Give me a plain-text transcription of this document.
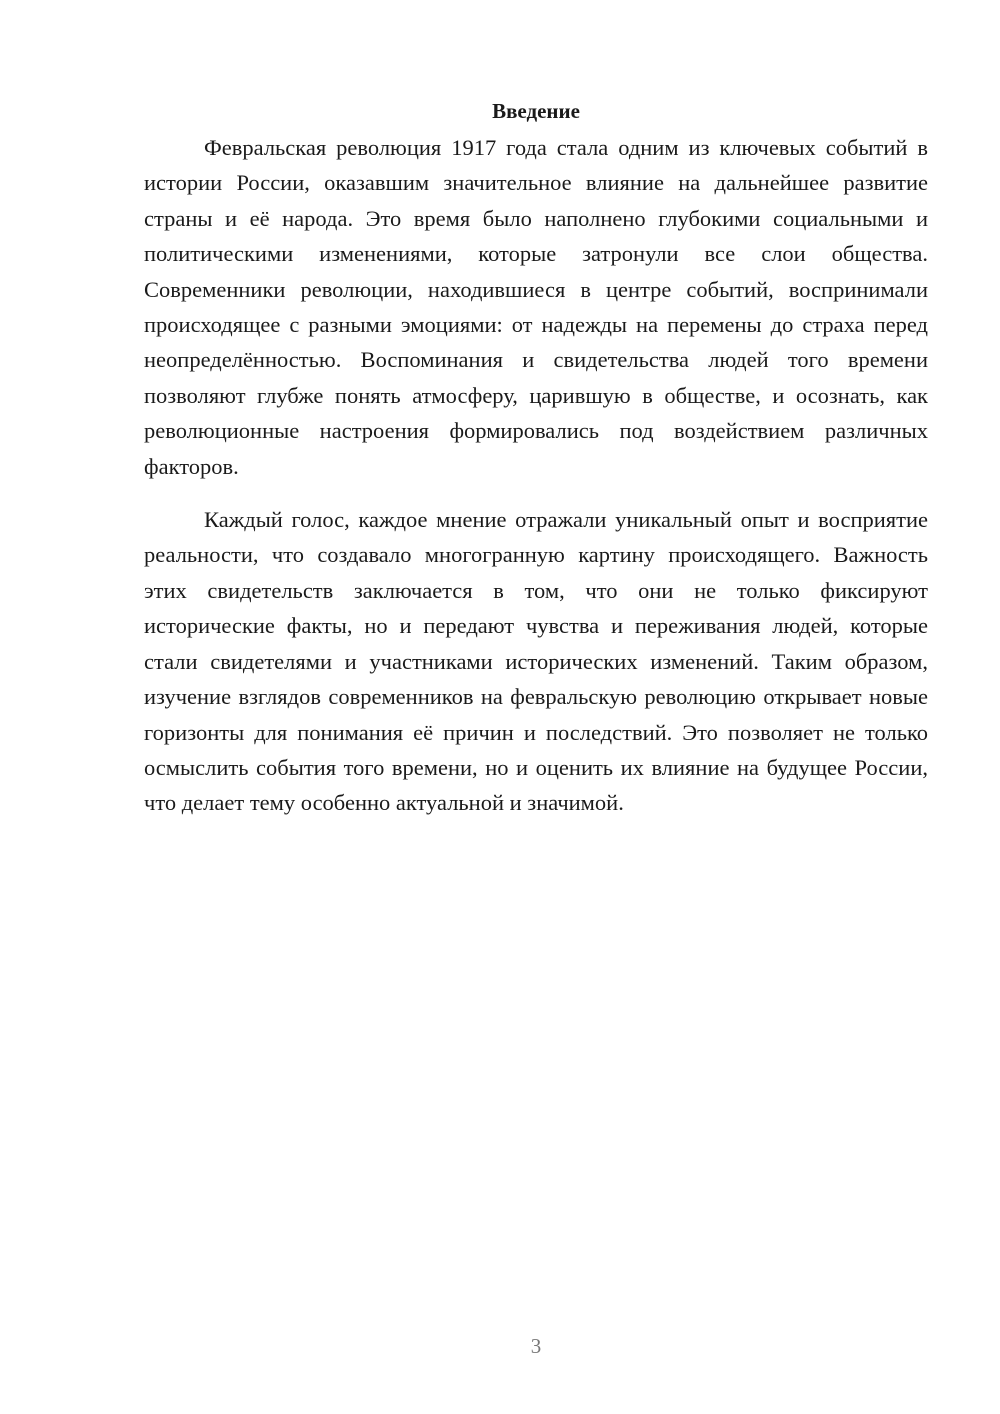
Введение

Февральская революция 1917 года стала одним из ключевых событий в истории России, оказавшим значительное влияние на дальнейшее развитие страны и её народа. Это время было наполнено глубокими социальными и политическими изменениями, которые затронули все слои общества. Современники революции, находившиеся в центре событий, воспринимали происходящее с разными эмоциями: от надежды на перемены до страха перед неопределённостью. Воспоминания и свидетельства людей того времени позволяют глубже понять атмосферу, царившую в обществе, и осознать, как революционные настроения формировались под воздействием различных факторов.

Каждый голос, каждое мнение отражали уникальный опыт и восприятие реальности, что создавало многогранную картину происходящего. Важность этих свидетельств заключается в том, что они не только фиксируют исторические факты, но и передают чувства и переживания людей, которые стали свидетелями и участниками исторических изменений. Таким образом, изучение взглядов современников на февральскую революцию открывает новые горизонты для понимания её причин и последствий. Это позволяет не только осмыслить события того времени, но и оценить их влияние на будущее России, что делает тему особенно актуальной и значимой.

3
